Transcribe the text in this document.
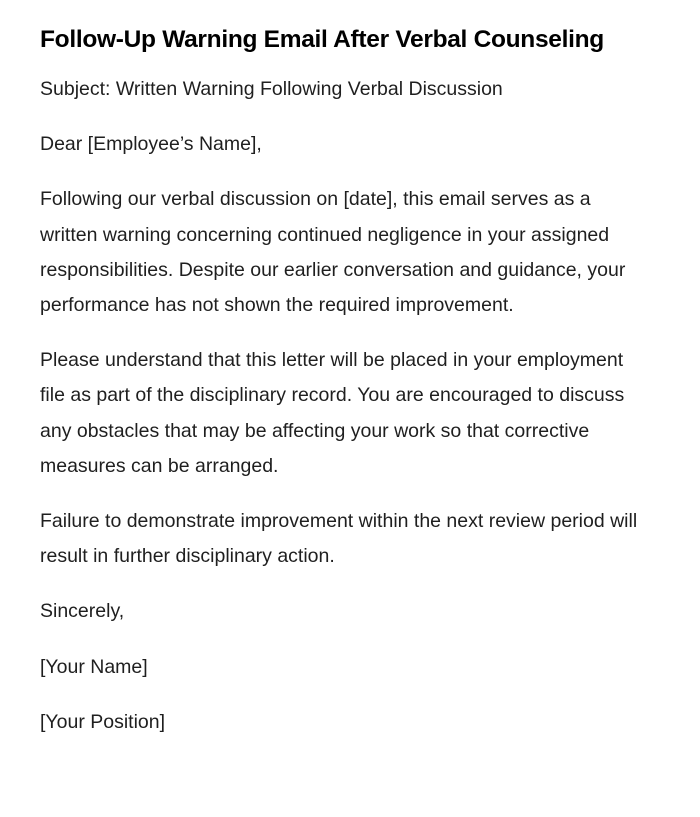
Follow-Up Warning Email After Verbal Counseling

Subject: Written Warning Following Verbal Discussion

Dear [Employee’s Name],

Following our verbal discussion on [date], this email serves as a written warning concerning continued negligence in your assigned responsibilities. Despite our earlier conversation and guidance, your performance has not shown the required improvement.

Please understand that this letter will be placed in your employment file as part of the disciplinary record. You are encouraged to discuss any obstacles that may be affecting your work so that corrective measures can be arranged.

Failure to demonstrate improvement within the next review period will result in further disciplinary action.

Sincerely,

[Your Name]

[Your Position]
